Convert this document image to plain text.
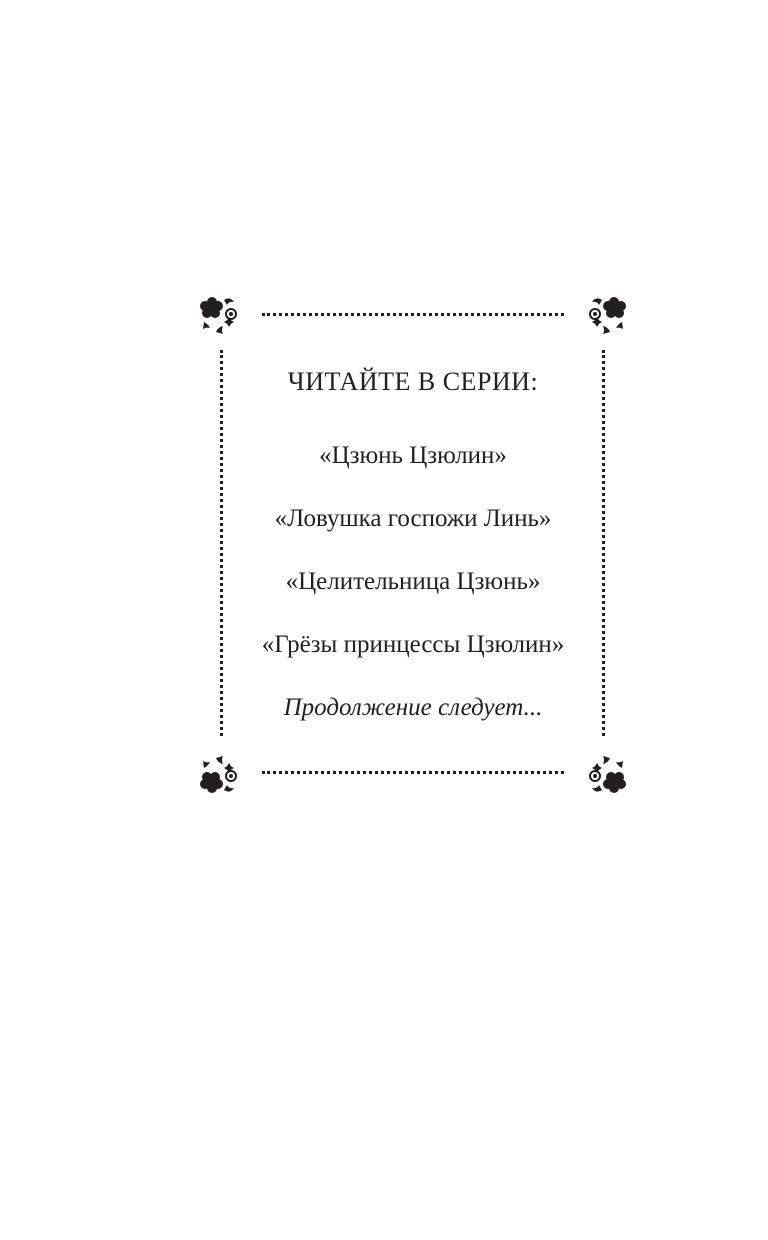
ЧИТАЙТЕ В СЕРИИ:
«Цзюнь Цзюлин»
«Ловушка госпожи Линь»
«Целительница Цзюнь»
«Грёзы принцессы Цзюлин»
Продолжение следует...
